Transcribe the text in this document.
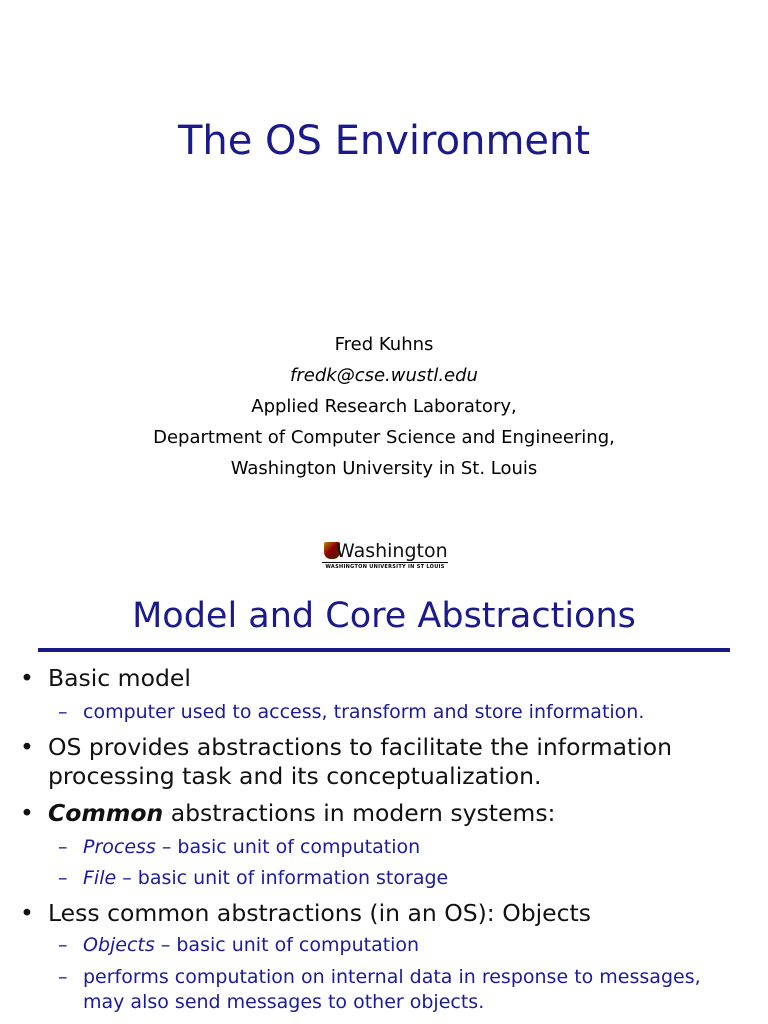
The OS Environment
Fred Kuhns
fredk@cse.wustl.edu
Applied Research Laboratory,
Department of Computer Science and Engineering,
Washington University in St. Louis
Washington
WASHINGTON UNIVERSITY IN ST LOUIS
Model and Core Abstractions
• Basic model
– computer used to access, transform and store information.
• OS provides abstractions to facilitate the information
processing task and its conceptualization.
• Common abstractions in modern systems:
– Process – basic unit of computation
– File – basic unit of information storage
• Less common abstractions (in an OS): Objects
– Objects – basic unit of computation
– performs computation on internal data in response to messages,
may also send messages to other objects.
